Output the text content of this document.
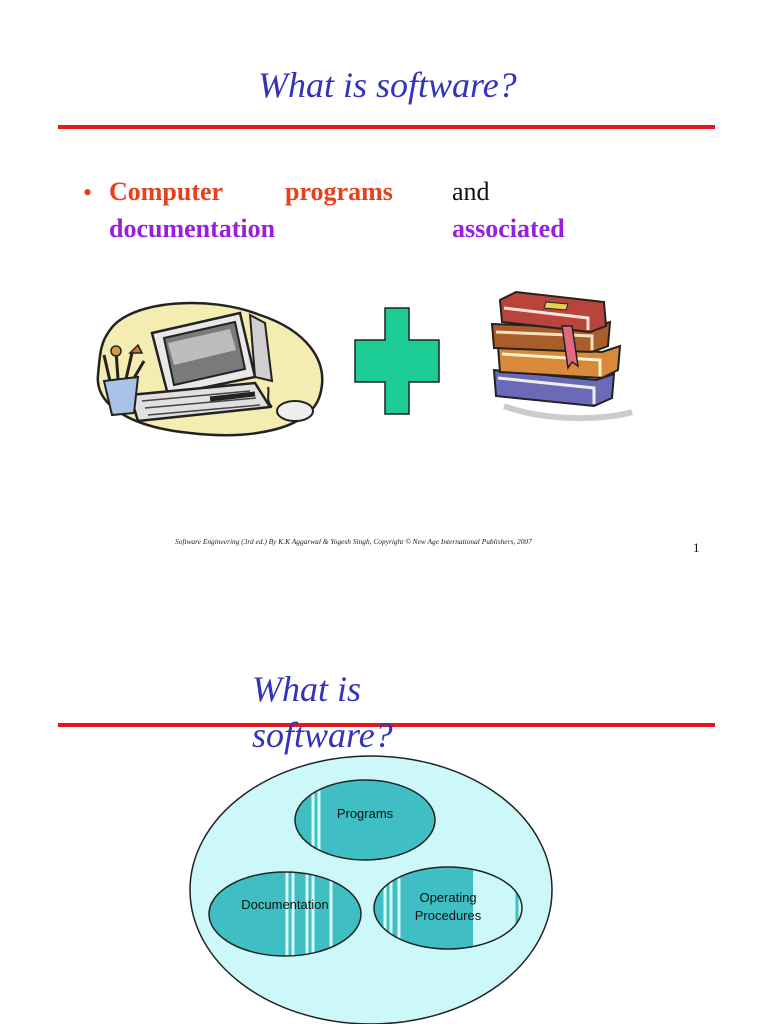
What is software?
• Computer programs and
documentation	associated
Software Engineering (3rd ed.) By K.K Aggarwal & Yogesh Singh, Copyright © New Age International Publishers, 2007	1
What is
software?
Programs
Documentation	Operating
Procedures
